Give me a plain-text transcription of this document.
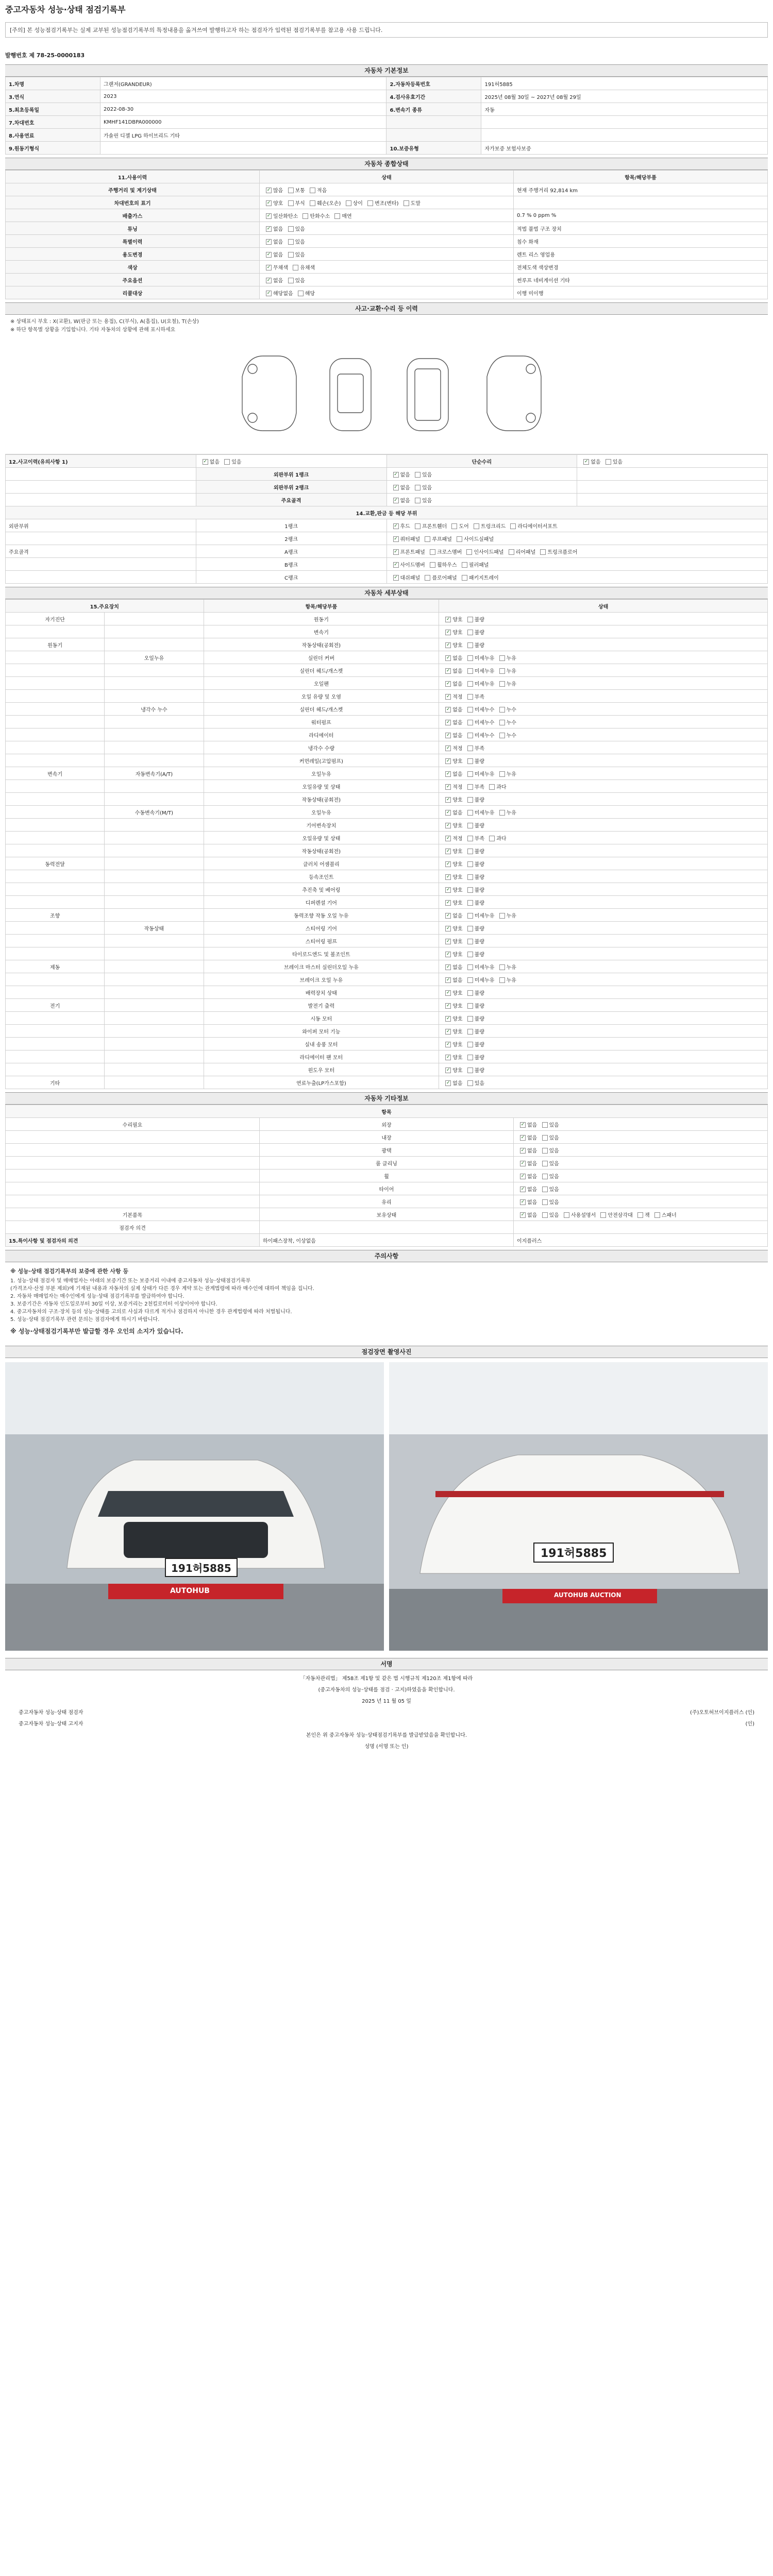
중고자동차 성능·상태 점검기록부
[주의] 본 성능점검기록부는 실제 교부된 성능점검기록부의 특정내용을 옮겨쓰여 발행하고자 하는 점검자가 입력된 점검기록부를 참고용 사용 드립니다.
발행번호 제 78-25-0000183
자동차 기본정보
1.차명	그랜저(GRANDEUR)	2.자동차등록번호	191허5885
3.연식	2023	4.검사유효기간	2025년 08월 30일 ~ 2027년 08월 29일
5.최초등록일	2022-08-30	6.변속기 종류	자동
7.차대번호	KMHF141DBPA000000		
8.사용연료	가솔린 디젤 LPG 하이브리드 기타		
9.원동기형식		10.보증유형	자가보증 보험사보증
자동차 종합상태
11.사용이력	상태	항목/해당부품
주행거리 및 계기상태	✓많음 보통 적음	현재 주행거리 92,814 km
차대번호의 표기	✓양호 부식 훼손(오손) 상이 변조(변타) 도말	
배출가스	✓일산화탄소 탄화수소 매연	0.7 % 0 ppm %
튜닝	✓없음 있음	적법 불법 구조 장치
특별이력	✓없음 있음	침수 화재
용도변경	✓없음 있음	렌트 리스 영업용
색상	✓무채색 유채색	전체도색 색상변경
주요옵션	✓없음 있음	썬루프 네비게이션 기타
리콜대상	✓해당없음 해당	이행 미이행
사고·교환·수리 등 이력
※ 상태표시 부호 : X(교환), W(판금 또는 용접), C(부식), A(흠집), U(요철), T(손상)
※ 하단 항목별 상황을 기입합니다. 기타 자동차의 상황에 관해 표시하세요
12.사고이력(유의사항 1)	✓없음 있음	단순수리	✓없음 있음
	외판부위 1랭크	✓없음 있음	
	외판부위 2랭크	✓없음 있음	
	주요골격	✓없음 있음	
14.교환,판금 등 해당 부위			
외판부위	1랭크	✓후드 프론트휀더 도어 트렁크리드 라디에이터서포트
	2랭크	✓쿼터패널 루프패널 사이드실패널
주요골격	A랭크	✓프론트패널 크로스멤버 인사이드패널 리어패널 트렁크플로어
	B랭크	✓사이드멤버 휠하우스 필러패널
	C랭크	✓대쉬패널 플로어패널 패키지트레이
자동차 세부상태
15.주요장치		항목/해당부품	상태
자기진단		원동기	✓양호 불량
		변속기	✓양호 불량
원동기		작동상태(공회전)	✓양호 불량
	오일누유	실린더 커버	✓없음 미세누유 누유
		실린더 헤드/개스켓	✓없음 미세누유 누유
		오일팬	✓없음 미세누유 누유
		오일 유량 및 오염	✓적정 부족
	냉각수 누수	실린더 헤드/개스켓	✓없음 미세누수 누수
		워터펌프	✓없음 미세누수 누수
		라디에이터	✓없음 미세누수 누수
		냉각수 수량	✓적정 부족
		커먼레일(고압펌프)	✓양호 불량
변속기	자동변속기(A/T)	오일누유	✓없음 미세누유 누유
		오일유량 및 상태	✓적정 부족 과다
		작동상태(공회전)	✓양호 불량
	수동변속기(M/T)	오일누유	✓없음 미세누유 누유
		기어변속장치	✓양호 불량
		오일유량 및 상태	✓적정 부족 과다
		작동상태(공회전)	✓양호 불량
동력전달		클러치 어셈블리	✓양호 불량
		등속조인트	✓양호 불량
		추진축 및 베어링	✓양호 불량
		디퍼렌셜 기어	✓양호 불량
조향		동력조향 작동 오일 누유	✓없음 미세누유 누유
	작동상태	스티어링 기어	✓양호 불량
		스티어링 펌프	✓양호 불량
		타이로드엔드 및 볼조인트	✓양호 불량
제동		브레이크 마스터 실린더오일 누유	✓없음 미세누유 누유
		브레이크 오일 누유	✓없음 미세누유 누유
		배력장치 상태	✓양호 불량
전기		발전기 출력	✓양호 불량
		시동 모터	✓양호 불량
		와이퍼 모터 기능	✓양호 불량
		실내 송풍 모터	✓양호 불량
		라디에이터 팬 모터	✓양호 불량
		윈도우 모터	✓양호 불량
기타		연료누출(LP가스포함)	✓없음 있음
자동차 기타정보
항목		
수리필요	외장	✓없음 있음
	내장	✓없음 있음
	광택	✓없음 있음
	룸 클리닝	✓없음 있음
	휠	✓없음 있음
	타이어	✓없음 있음
	유리	✓없음 있음
기본품목	보유상태	✓없음 있음 사용설명서 안전삼각대 잭 스패너
점검자 의견		
15.특이사항 및 점검자의 의견	하이패스장착, 이상없음	이지플러스
주의사항
※ 성능·상태 점검기록부의 보증에 관한 사항 등
1. 성능·상태 점검자 및 매매업자는 아래의 보증기간 또는 보증거리 이내에 중고자동차 성능·상태점검기록부
(가격조사·산정 부분 제외)에 기재된 내용과 자동차의 실제 상태가 다른 경우 계약 또는 관계법령에 따라 매수인에 대하여 책임을 집니다.
2. 자동차 매매업자는 매수인에게 성능·상태 점검기록부를 발급하여야 합니다.
3. 보증기간은 자동차 인도일로부터 30일 이상, 보증거리는 2천킬로미터 이상이어야 합니다.
4. 중고자동차의 구조·장치 등의 성능·상태를 고의로 사실과 다르게 적거나 점검하지 아니한 경우 관계법령에 따라 처벌됩니다.
5. 성능·상태 점검기록부 관련 문의는 점검자에게 하시기 바랍니다.
※ 성능·상태점검기록부만 발급할 경우 오인의 소지가 있습니다.
점검장면 촬영사진
191허5885
AUTOHUB
191허5885
AUTOHUB AUCTION
서명
「자동차관리법」 제58조 제1항 및 같은 법 시행규칙 제120조 제1항에 따라
(중고자동차의 성능·상태를 점검 · 고지)하였음을 확인합니다.
2025 년 11 월 05 일
중고자동차 성능·상태 점검자	(주)오토허브이지플러스 (인)
중고자동차 성능·상태 고지자	(인)
본인은 위 중고자동차 성능·상태점검기록부를 발급받았음을 확인합니다.
성명 (서명 또는 인)
